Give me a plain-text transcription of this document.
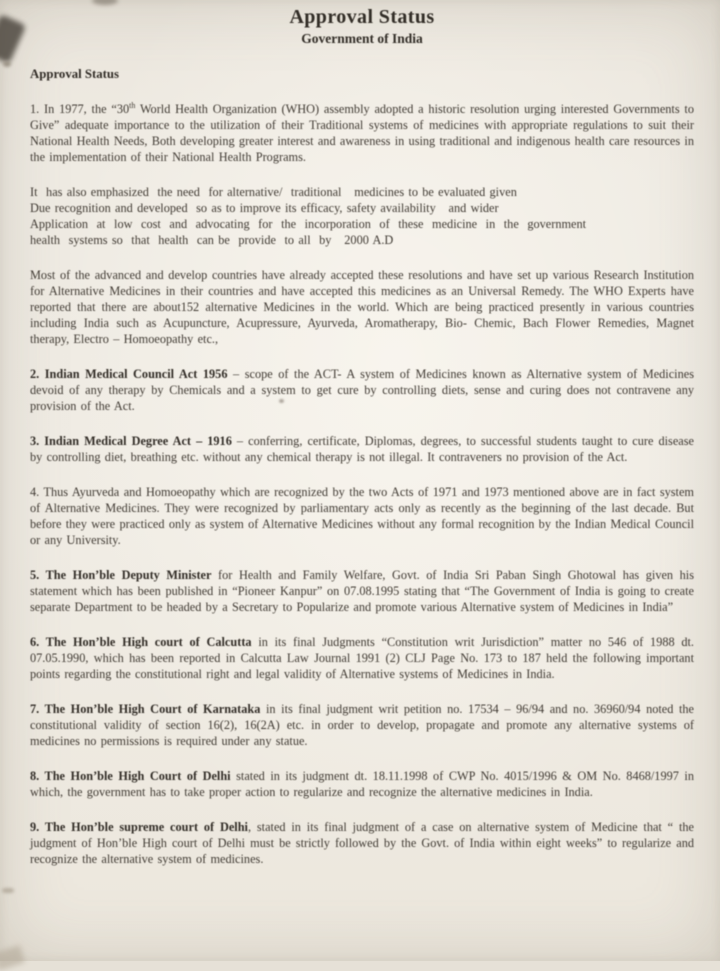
Approval Status
Government of India
Approval Status

1. In 1977, the “30th World Health Organization (WHO) assembly adopted a historic resolution urging interested Governments to Give” adequate importance to the utilization of their Traditional systems of medicines with appropriate regulations to suit their National Health Needs, Both developing greater interest and awareness in using traditional and indigenous health care resources in the implementation of their National Health Programs.

It  has also emphasized  the need  for alternative/  traditional   medicines to be evaluated given
Due recognition and developed  so as to improve its efficacy, safety availability   and wider
Application  at  low  cost  and  advocating  for  the  incorporation  of  these  medicine  in  the  government
health  systems so  that  health  can be  provide  to all  by   2000 A.D

Most of the advanced and develop countries have already accepted these resolutions and have set up various Research Institution for Alternative Medicines in their countries and have accepted this medicines as an Universal Remedy. The WHO Experts have reported that there are about152 alternative Medicines in the world. Which are being practiced presently in various countries including India such as Acupuncture, Acupressure, Ayurveda, Aromatherapy, Bio- Chemic, Bach Flower Remedies, Magnet therapy, Electro – Homoeopathy etc.,

2. Indian Medical Council Act 1956 – scope of the ACT- A system of Medicines known as Alternative system of Medicines devoid of any therapy by Chemicals and a system to get cure by controlling diets, sense and curing does not contravene any provision of the Act.

3. Indian Medical Degree Act – 1916 – conferring, certificate, Diplomas, degrees, to successful students taught to cure disease by controlling diet, breathing etc. without any chemical therapy is not illegal. It contraveners no provision of the Act.

4. Thus Ayurveda and Homoeopathy which are recognized by the two Acts of 1971 and 1973 mentioned above are in fact system of Alternative Medicines. They were recognized by parliamentary acts only as recently as the beginning of the last decade. But before they were practiced only as system of Alternative Medicines without any formal recognition by the Indian Medical Council or any University.

5. The Hon’ble Deputy Minister for Health and Family Welfare, Govt. of India Sri Paban Singh Ghotowal has given his statement which has been published in “Pioneer Kanpur” on 07.08.1995 stating that “The Government of India is going to create separate Department to be headed by a Secretary to Popularize and promote various Alternative system of Medicines in India”

6. The Hon’ble High court of Calcutta in its final Judgments “Constitution writ Jurisdiction” matter no 546 of 1988 dt. 07.05.1990, which has been reported in Calcutta Law Journal 1991 (2) CLJ Page No. 173 to 187 held the following important points regarding the constitutional right and legal validity of Alternative systems of Medicines in India.

7. The Hon’ble High Court of Karnataka in its final judgment writ petition no. 17534 – 96/94 and no. 36960/94 noted the constitutional validity of section 16(2), 16(2A) etc. in order to develop, propagate and promote any alternative systems of medicines no permissions is required under any statue.

8. The Hon’ble High Court of Delhi stated in its judgment dt. 18.11.1998 of CWP No. 4015/1996 & OM No. 8468/1997 in which, the government has to take proper action to regularize and recognize the alternative medicines in India.

9. The Hon’ble supreme court of Delhi, stated in its final judgment of a case on alternative system of Medicine that “ the judgment of Hon’ble High court of Delhi must be strictly followed by the Govt. of India within eight weeks” to regularize and recognize the alternative system of medicines.
